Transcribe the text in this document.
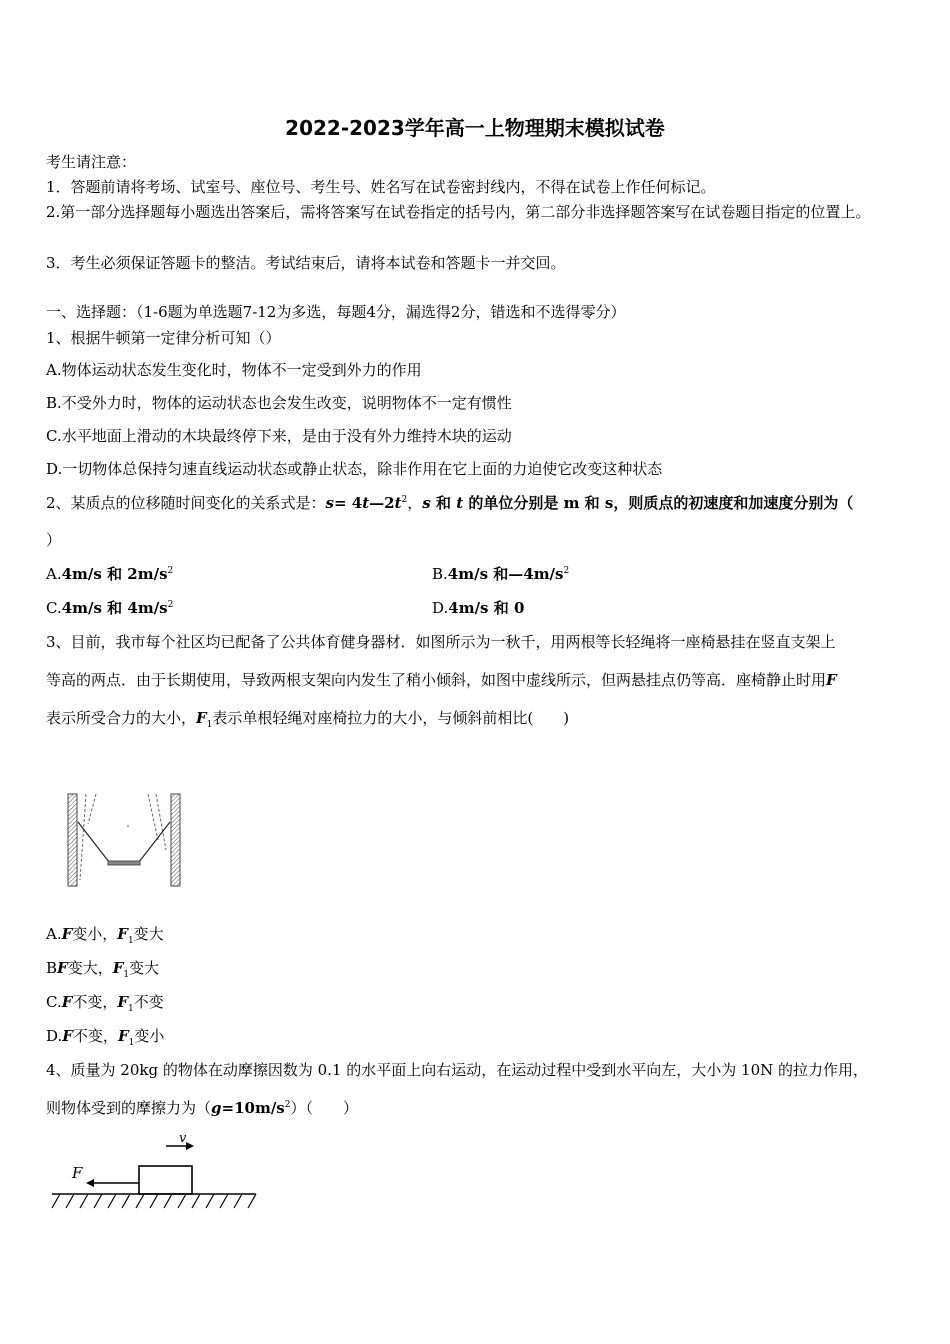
2022-2023学年高一上物理期末模拟试卷
考生请注意：
1．答题前请将考场、试室号、座位号、考生号、姓名写在试卷密封线内，不得在试卷上作任何标记。
2.第一部分选择题每小题选出答案后，需将答案写在试卷指定的括号内，第二部分非选择题答案写在试卷题目指定的位置上。
3．考生必须保证答题卡的整洁。考试结束后，请将本试卷和答题卡一并交回。
一、选择题：（1-6题为单选题7-12为多选，每题4分，漏选得2分，错选和不选得零分）
1、根据牛顿第一定律分析可知（）
A.物体运动状态发生变化时，物体不一定受到外力的作用
B.不受外力时，物体的运动状态也会发生改变，说明物体不一定有惯性
C.水平地面上滑动的木块最终停下来，是由于没有外力维持木块的运动
D.一切物体总保持匀速直线运动状态或静止状态，除非作用在它上面的力迫使它改变这种状态
2、某质点的位移随时间变化的关系式是：$s= 4t—2t^2$，s 和 t 的单位分别是 m 和 s，则质点的初速度和加速度分别为（
）
A.4m/s 和 $2m/s^2$	B.4m/s 和$—4m/s^2$
C.4m/s 和 $4m/s^2$	D.4m/s 和 0
3、目前，我市每个社区均已配备了公共体育健身器材．如图所示为一秋千，用两根等长轻绳将一座椅悬挂在竖直支架上
等高的两点．由于长期使用，导致两根支架向内发生了稍小倾斜，如图中虚线所示，但两悬挂点仍等高．座椅静止时用F
表示所受合力的大小，$F_1$表示单根轻绳对座椅拉力的大小，与倾斜前相比(　　)
A.F变小，$F_1$变大
BF变大，$F_1$变大
C.F不变，$F_1$不变
D.F不变，$F_1$变小
4、质量为 20kg 的物体在动摩擦因数为 0.1 的水平面上向右运动，在运动过程中受到水平向左，大小为 10N 的拉力作用，
则物体受到的摩擦力为$(g=10m/s^2)$（　　）
v
F
